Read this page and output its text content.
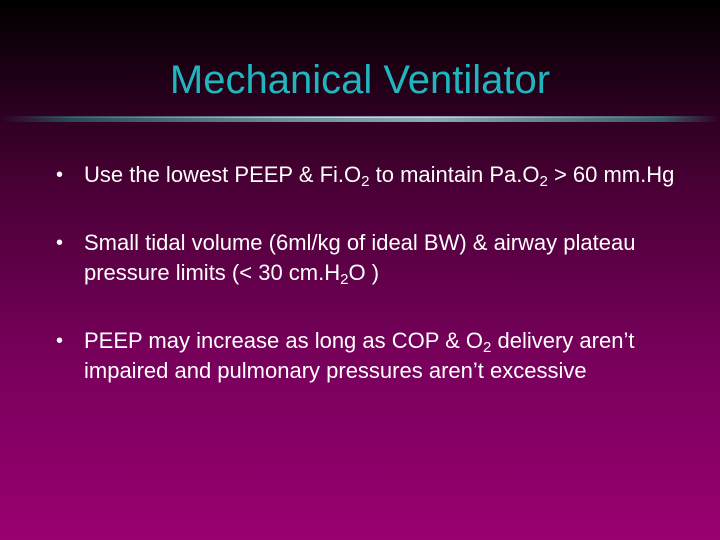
Mechanical Ventilator
• Use the lowest PEEP & $Fi.O_2$ to maintain $Pa.O_2 > 60$ mm.Hg
• Small tidal volume (6ml/kg of ideal BW) & airway plateau pressure limits (< 30 $cm.H_2O$ )
• PEEP may increase as long as COP & $O_2$ delivery aren’t impaired and pulmonary pressures aren’t excessive
